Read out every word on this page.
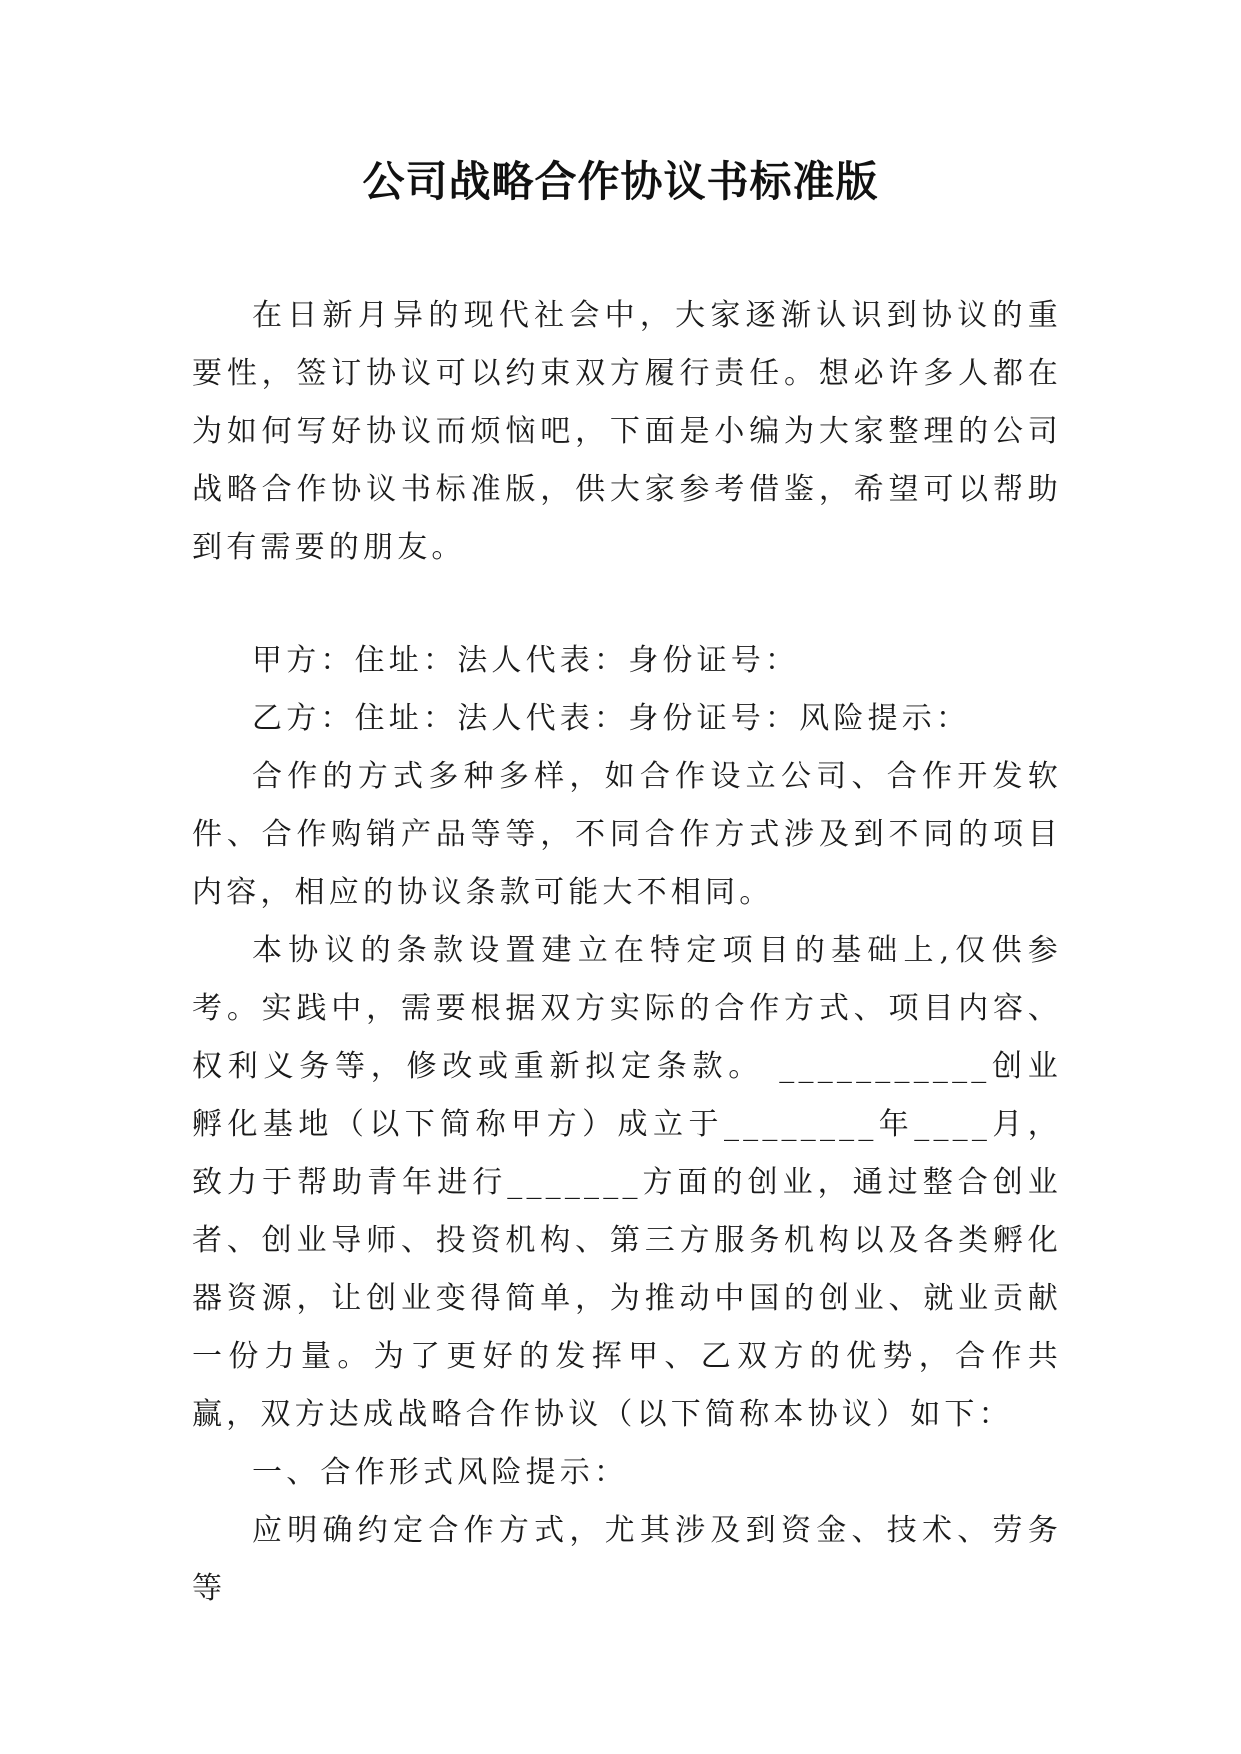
公司战略合作协议书标准版

在日新月异的现代社会中，大家逐渐认识到协议的重要性，签订协议可以约束双方履行责任。想必许多人都在为如何写好协议而烦恼吧，下面是小编为大家整理的公司战略合作协议书标准版，供大家参考借鉴，希望可以帮助到有需要的朋友。

甲方：住址：法人代表：身份证号：

乙方：住址：法人代表：身份证号：风险提示：

合作的方式多种多样，如合作设立公司、合作开发软件、合作购销产品等等，不同合作方式涉及到不同的项目内容，相应的协议条款可能大不相同。

本协议的条款设置建立在特定项目的基础上,仅供参考。实践中，需要根据双方实际的合作方式、项目内容、权利义务等，修改或重新拟定条款。 ___________创业孵化基地（以下简称甲方）成立于________年____月，致力于帮助青年进行_______方面的创业，通过整合创业者、创业导师、投资机构、第三方服务机构以及各类孵化器资源，让创业变得简单，为推动中国的创业、就业贡献一份力量。为了更好的发挥甲、乙双方的优势，合作共赢，双方达成战略合作协议（以下简称本协议）如下：

一、合作形式风险提示：

应明确约定合作方式，尤其涉及到资金、技术、劳务等
